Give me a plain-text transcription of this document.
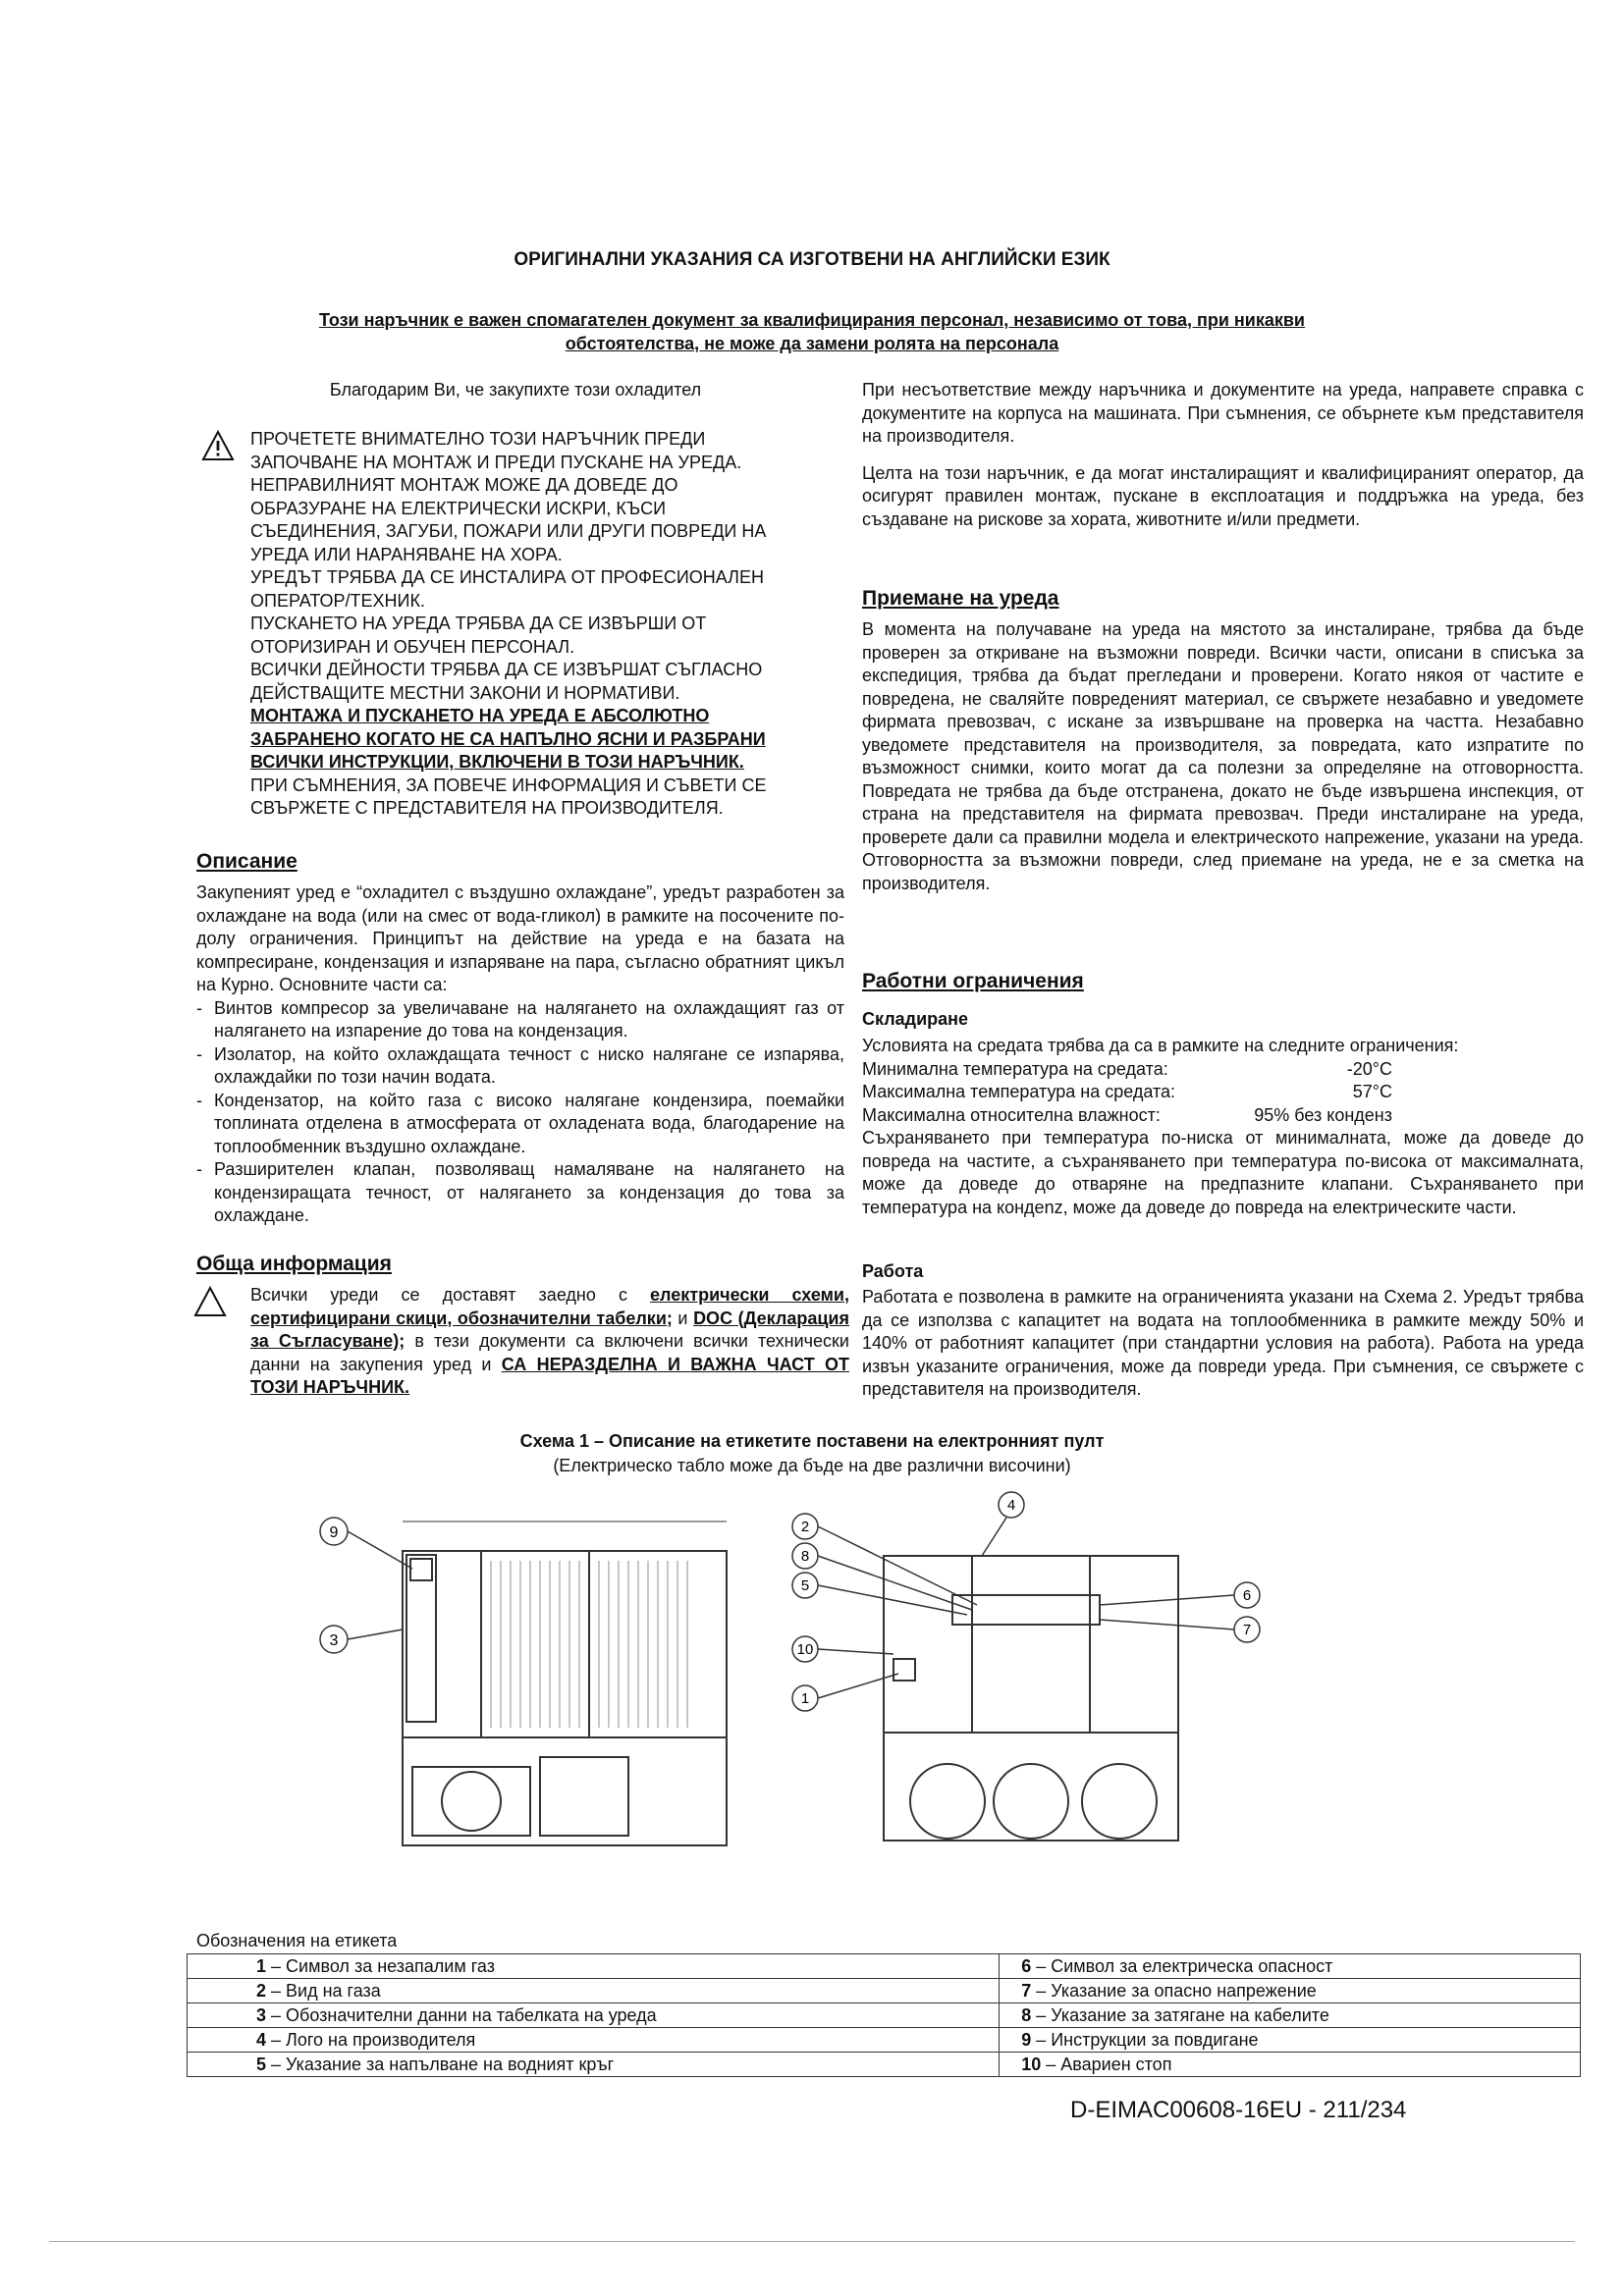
ОРИГИНАЛНИ УКАЗАНИЯ СА ИЗГОТВЕНИ НА АНГЛИЙСКИ ЕЗИК
Този наръчник е важен спомагателен документ за квалифицирания персонал, независимо от това, при никакви
обстоятелства, не може да замени ролята на персонала
Благодарим Ви, че закупихте този охладител
ПРОЧЕТЕТЕ ВНИМАТЕЛНО ТОЗИ НАРЪЧНИК ПРЕДИ
ЗАПОЧВАНЕ НА МОНТАЖ И ПРЕДИ ПУСКАНЕ НА УРЕДА.
НЕПРАВИЛНИЯТ МОНТАЖ МОЖЕ ДА ДОВЕДЕ ДО
ОБРАЗУРАНЕ НА ЕЛЕКТРИЧЕСКИ ИСКРИ, КЪСИ
СЪЕДИНЕНИЯ, ЗАГУБИ, ПОЖАРИ ИЛИ ДРУГИ ПОВРЕДИ НА
УРЕДА ИЛИ НАРАНЯВАНЕ НА ХОРА.
УРЕДЪТ ТРЯБВА ДА СЕ ИНСТАЛИРА ОТ ПРОФЕСИОНАЛЕН
ОПЕРАТОР/ТЕХНИК.
ПУСКАНЕТО НА УРЕДА ТРЯБВА ДА СЕ ИЗВЪРШИ ОТ
ОТОРИЗИРАН И ОБУЧЕН ПЕРСОНАЛ.
ВСИЧКИ ДЕЙНОСТИ ТРЯБВА ДА СЕ ИЗВЪРШАТ СЪГЛАСНО
ДЕЙСТВАЩИТЕ МЕСТНИ ЗАКОНИ И НОРМАТИВИ.
МОНТАЖА И ПУСКАНЕТО НА УРЕДА Е АБСОЛЮТНО
ЗАБРАНЕНО КОГАТО НЕ СА НАПЪЛНО ЯСНИ И РАЗБРАНИ
ВСИЧКИ ИНСТРУКЦИИ, ВКЛЮЧЕНИ В ТОЗИ НАРЪЧНИК.
ПРИ СЪМНЕНИЯ, ЗА ПОВЕЧЕ ИНФОРМАЦИЯ И СЪВЕТИ СЕ
СВЪРЖЕТЕ С ПРЕДСТАВИТЕЛЯ НА ПРОИЗВОДИТЕЛЯ.
Описание

Закупеният уред е “охладител с въздушно охлаждане”, уредът разработен за охлаждане на вода (или на смес от вода-гликол) в рамките на посочените по-долу ограничения. Принципът на действие на уреда е на базата на компресиране, кондензация и изпаряване на пара, съгласно обратният цикъл на Курно. Основните части са:

- Винтов компресор за увеличаване на налягането на охлаждащият газ от налягането на изпарение до това на кондензация.
- Изолатор, на който охлаждащата течност с ниско налягане се изпарява, охлаждайки по този начин водата.
- Кондензатор, на който газа с високо налягане кондензира, поемайки топлината отделена в атмосферата от охладената вода, благодарение на топлообменник въздушно охлаждане.
- Разширителен клапан, позволяващ намаляване на налягането на кондензиращата течност, от налягането за кондензация до това за охлаждане.
Обща информация

Всички уреди се доставят заедно с електрически схеми, сертифицирани скици, обозначителни табелки; и DOC (Декларация за Съгласуване); в тези документи са включени всички технически данни на закупения уред и СА НЕРАЗДЕЛНА И ВАЖНА ЧАСТ ОТ ТОЗИ НАРЪЧНИК.

При несъответствие между наръчника и документите на уреда, направете справка с документите на корпуса на машината. При съмнения, се обърнете към представителя на производителя.

Целта на този наръчник, е да могат инсталиращият и квалифицираният оператор, да осигурят правилен монтаж, пускане в експлоатация и поддръжка на уреда, без създаване на рискове за хората, животните и/или предмети.

Приемане на уреда

В момента на получаване на уреда на мястото за инсталиране, трябва да бъде проверен за откриване на възможни повреди. Всички части, описани в списъка за експедиция, трябва да бъдат прегледани и проверени. Когато някоя от частите е повредена, не сваляйте повреденият материал, се свържете незабавно и уведомете фирмата превозвач, с искане за извършване на проверка на частта. Незабавно уведомете представителя на производителя, за повредата, като изпратите по възможност снимки, които могат да са полезни за определяне на отговорността. Повредата не трябва да бъде отстранена, докато не бъде извършена инспекция, от страна на представителя на фирмата превозвач. Преди инсталиране на уреда, проверете дали са правилни модела и електрическото напрежение, указани на уреда. Отговорността за възможни повреди, след приемане на уреда, не е за сметка на производителя.

Работни ограничения
Складиране

Условията на средата трябва да са в рамките на следните ограничения:

Минимална температура на средата:	-20°C
Максимална температура на средата:	57°C
Максимална относителна влажност:	95% без конденз

Съхраняването при температура по-ниска от минималната, може да доведе до повреда на частите, а съхраняването при температура по-висока от максималната, може да доведе до отваряне на предпазните клапани. Съхраняването при температура на кондenz, може да доведе до повреда на електрическите части.

Работа

Работата е позволена в рамките на ограниченията указани на Схема 2. Уредът трябва да се използва с капацитет на водата на топлообменника в рамките между 50% и 140% от работният капацитет (при стандартни условия на работа). Работа на уреда извън указаните ограничения, може да повреди уреда. При съмнения, се свържете с представителя на производителя.

Схема 1 – Описание на етикетите поставени на електронният пулт
(Електрическо табло може да бъде на две различни височини)
9
3
2
8
5
10
1
4
6
7
Обозначения на етикета
1 – Символ за незапалим газ	6 – Символ за електрическа опасност
2 – Вид на газа	7 – Указание за опасно напрежение
3 – Обозначителни данни на табелката на уреда	8 – Указание за затягане на кабелите
4 – Лого на производителя	9 – Инструкции за повдигане
5 – Указание за напълване на водният кръг	10 – Авариен стоп
D-EIMAC00608-16EU - 211/234
